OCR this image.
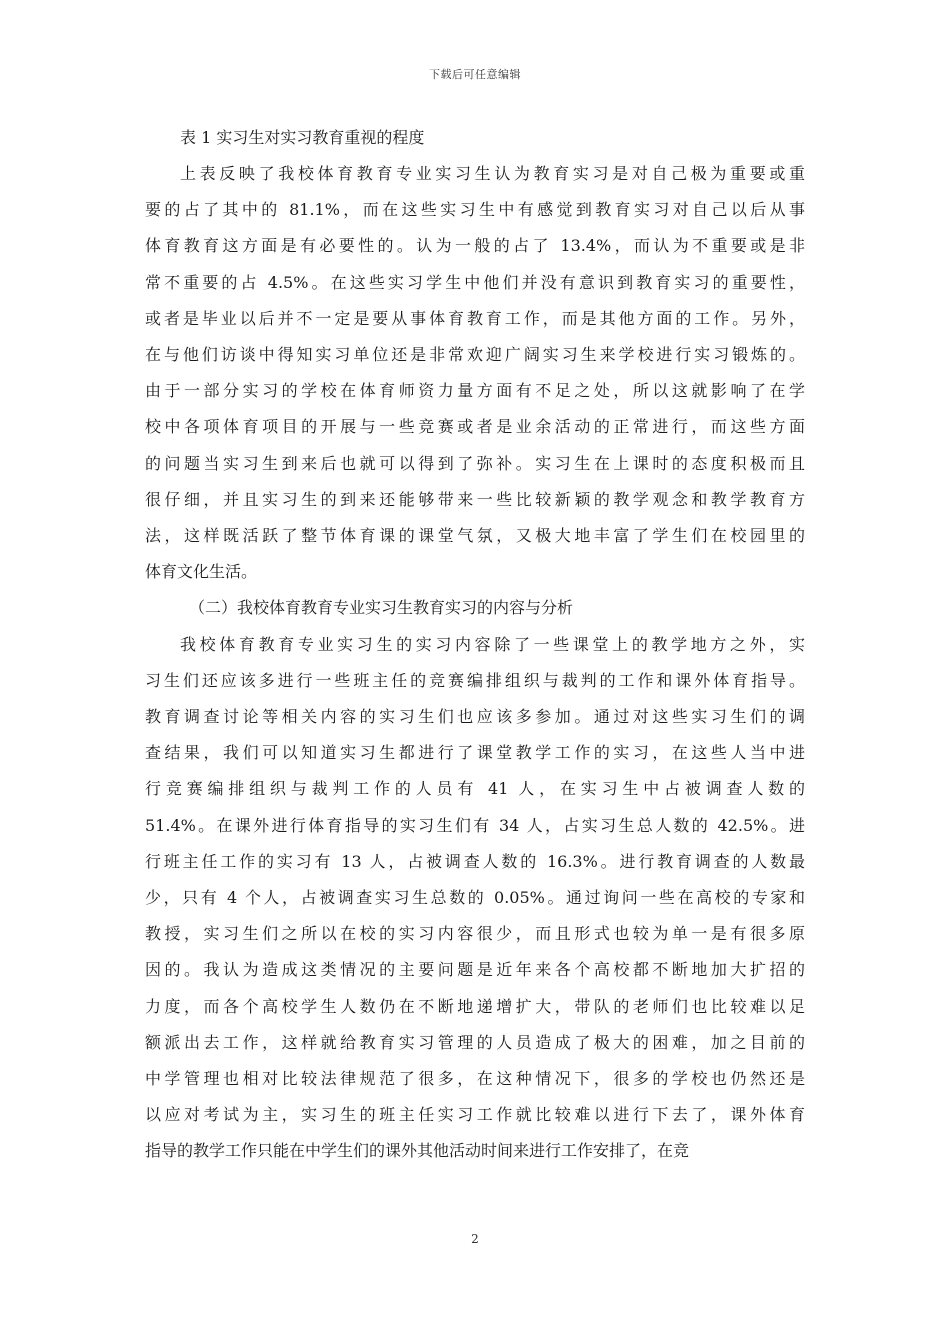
下载后可任意编辑
表 1 实习生对实习教育重视的程度
上表反映了我校体育教育专业实习生认为教育实习是对自己极为重要或重
要的占了其中的 81.1%，而在这些实习生中有感觉到教育实习对自己以后从事
体育教育这方面是有必要性的。认为一般的占了 13.4%，而认为不重要或是非
常不重要的占 4.5%。在这些实习学生中他们并没有意识到教育实习的重要性，
或者是毕业以后并不一定是要从事体育教育工作，而是其他方面的工作。另外，
在与他们访谈中得知实习单位还是非常欢迎广阔实习生来学校进行实习锻炼的。
由于一部分实习的学校在体育师资力量方面有不足之处，所以这就影响了在学
校中各项体育项目的开展与一些竞赛或者是业余活动的正常进行，而这些方面
的问题当实习生到来后也就可以得到了弥补。实习生在上课时的态度积极而且
很仔细，并且实习生的到来还能够带来一些比较新颖的教学观念和教学教育方
法，这样既活跃了整节体育课的课堂气氛，又极大地丰富了学生们在校园里的
体育文化生活。
（二）我校体育教育专业实习生教育实习的内容与分析
我校体育教育专业实习生的实习内容除了一些课堂上的教学地方之外，实
习生们还应该多进行一些班主任的竞赛编排组织与裁判的工作和课外体育指导。
教育调查讨论等相关内容的实习生们也应该多参加。通过对这些实习生们的调
查结果，我们可以知道实习生都进行了课堂教学工作的实习，在这些人当中进
行竞赛编排组织与裁判工作的人员有 41 人，在实习生中占被调查人数的
51.4%。在课外进行体育指导的实习生们有 34 人，占实习生总人数的 42.5%。进
行班主任工作的实习有 13 人，占被调查人数的 16.3%。进行教育调查的人数最
少，只有 4 个人，占被调查实习生总数的 0.05%。通过询问一些在高校的专家和
教授，实习生们之所以在校的实习内容很少，而且形式也较为单一是有很多原
因的。我认为造成这类情况的主要问题是近年来各个高校都不断地加大扩招的
力度，而各个高校学生人数仍在不断地递增扩大，带队的老师们也比较难以足
额派出去工作，这样就给教育实习管理的人员造成了极大的困难，加之目前的
中学管理也相对比较法律规范了很多，在这种情况下，很多的学校也仍然还是
以应对考试为主，实习生的班主任实习工作就比较难以进行下去了，课外体育
指导的教学工作只能在中学生们的课外其他活动时间来进行工作安排了，在竞
2
